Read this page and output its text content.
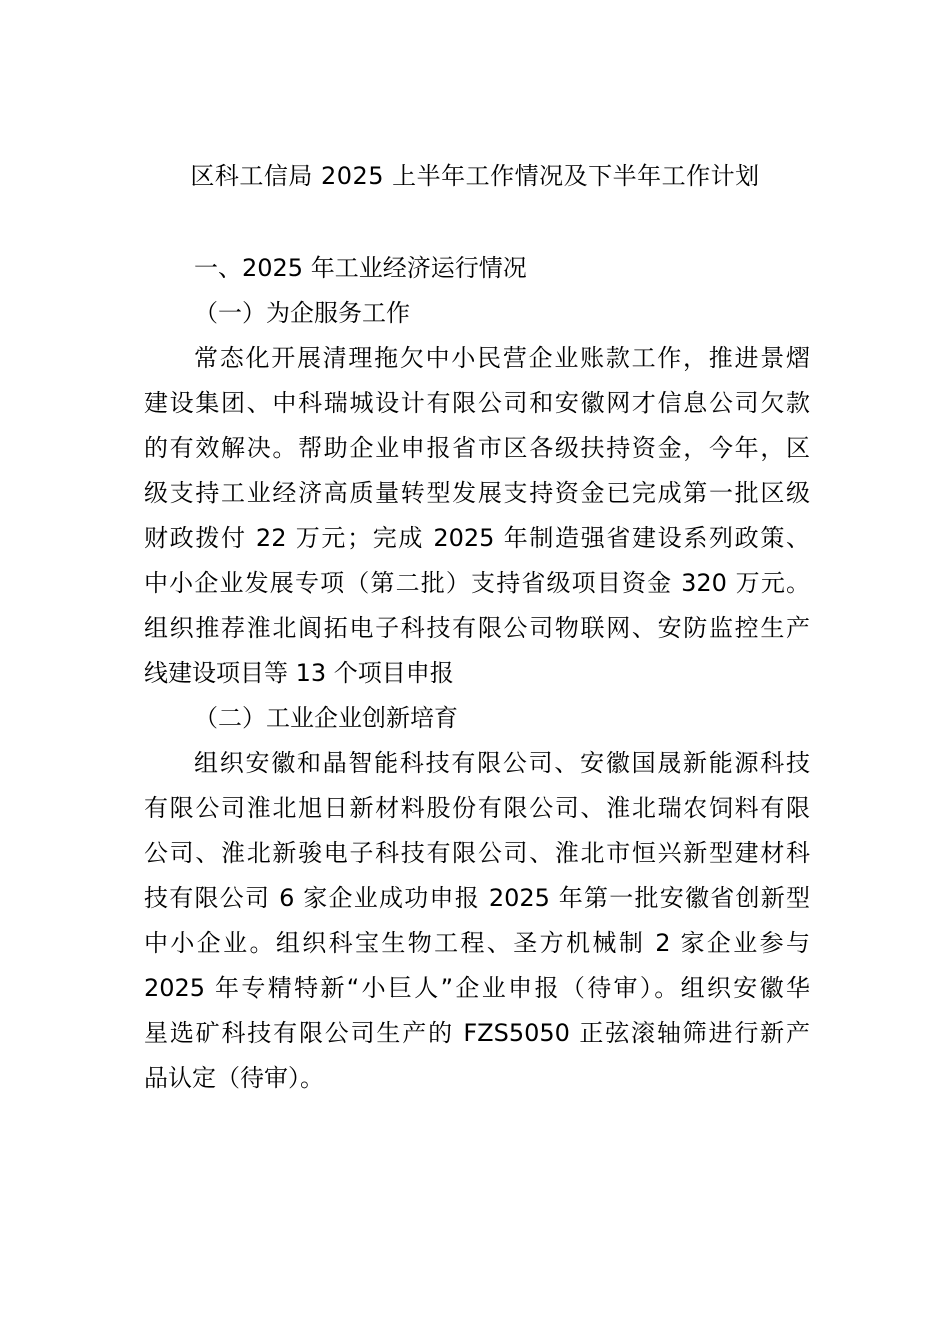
区科工信局 2025 上半年工作情况及下半年工作计划
一、2025 年工业经济运行情况
（一）为企服务工作

常态化开展清理拖欠中小民营企业账款工作，推进景熠
建设集团、中科瑞城设计有限公司和安徽网才信息公司欠款
的有效解决。帮助企业申报省市区各级扶持资金，今年，区
级支持工业经济高质量转型发展支持资金已完成第一批区级
财政拨付 22 万元；完成 2025 年制造强省建设系列政策、
中小企业发展专项（第二批）支持省级项目资金 320 万元。
组织推荐淮北阆拓电子科技有限公司物联网、安防监控生产
线建设项目等 13 个项目申报

（二）工业企业创新培育

组织安徽和晶智能科技有限公司、安徽国晟新能源科技
有限公司淮北旭日新材料股份有限公司、淮北瑞农饲料有限
公司、淮北新骏电子科技有限公司、淮北市恒兴新型建材科
技有限公司 6 家企业成功申报 2025 年第一批安徽省创新型
中小企业。组织科宝生物工程、圣方机械制 2 家企业参与
2025 年专精特新“小巨人”企业申报（待审）。组织安徽华
星选矿科技有限公司生产的 FZS5050 正弦滚轴筛进行新产
品认定（待审）。
